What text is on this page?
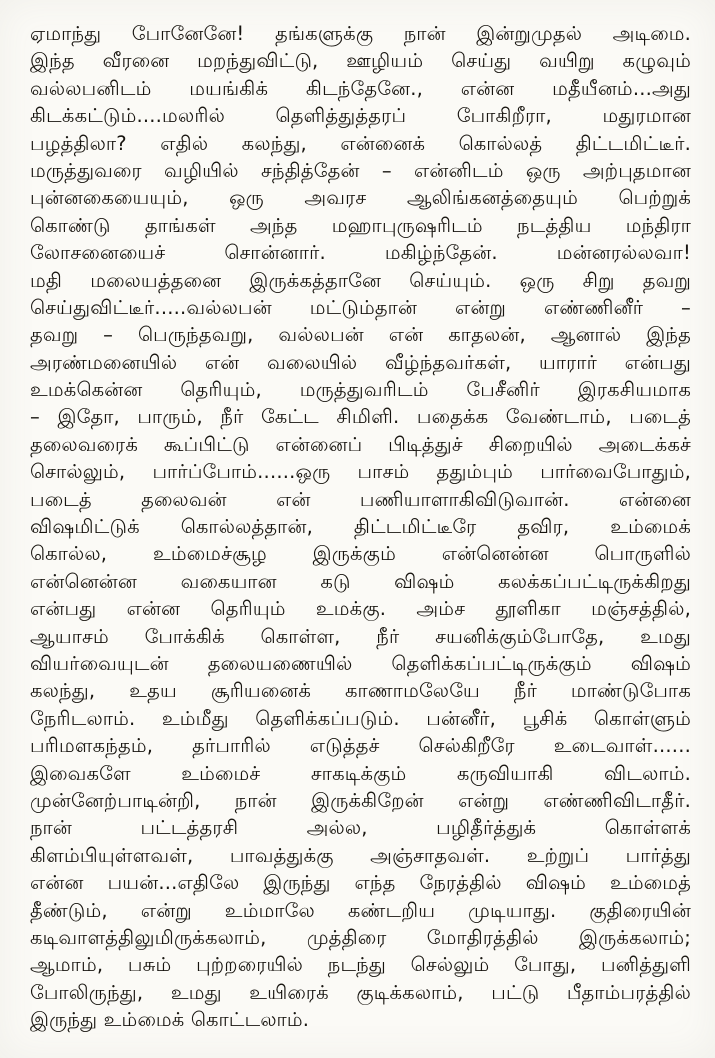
ஏமாந்து போனேனே! தங்களுக்கு நான் இன்றுமுதல் அடிமை.
இந்த வீரனை மறந்துவிட்டு, ஊழியம் செய்து வயிறு கழுவும்
வல்லபனிடம் மயங்கிக் கிடந்தேனே., என்ன மதீயீனம்...அது
கிடக்கட்டும்....மலரில் தெளித்துத்தரப் போகிறீரா, மதுரமான
பழத்திலா? எதில் கலந்து, என்னைக் கொல்லத் திட்டமிட்டீர்.
மருத்துவரை வழியில் சந்தித்தேன் – என்னிடம் ஒரு அற்புதமான
புன்னகையையும், ஒரு அவரச ஆலிங்கனத்தையும் பெற்றுக்
கொண்டு தாங்கள் அந்த மஹாபுருஷரிடம் நடத்திய மந்திரா
லோசனையைச் சொன்னார். மகிழ்ந்தேன். மன்னரல்லவா!
மதி மலையத்தனை இருக்கத்தானே செய்யும். ஒரு சிறு தவறு
செய்துவிட்டீர்.....வல்லபன் மட்டும்தான் என்று எண்ணினீர் –
தவறு – பெருந்தவறு, வல்லபன் என் காதலன், ஆனால் இந்த
அரண்மனையில் என் வலையில் வீழ்ந்தவர்கள், யாரார் என்பது
உமக்கென்ன தெரியும், மருத்துவரிடம் பேசீனிர் இரகசியமாக
– இதோ, பாரும், நீர் கேட்ட சிமிளி. பதைக்க வேண்டாம், படைத்
தலைவரைக் கூப்பிட்டு என்னைப் பிடித்துச் சிறையில் அடைக்கச்
சொல்லும், பார்ப்போம்......ஒரு பாசம் ததும்பும் பார்வைபோதும்,
படைத் தலைவன் என் பணியாளாகிவிடுவான். என்னை
விஷமிட்டுக் கொல்லத்தான், திட்டமிட்டீரே தவிர, உம்மைக்
கொல்ல, உம்மைச்சூழ இருக்கும் என்னென்ன பொருளில்
என்னென்ன வகையான கடு விஷம் கலக்கப்பட்டிருக்கிறது
என்பது என்ன தெரியும் உமக்கு. அம்ச தூளிகா மஞ்சத்தில்,
ஆயாசம் போக்கிக் கொள்ள, நீர் சயனிக்கும்போதே, உமது
வியர்வையுடன் தலையணையில் தெளிக்கப்பட்டிருக்கும் விஷம்
கலந்து, உதய சூரியனைக் காணாமலேயே நீர் மாண்டுபோக
நேரிடலாம். உம்மீது தெளிக்கப்படும். பன்னீர், பூசிக் கொள்ளும்
பரிமளகந்தம், தர்பாரில் எடுத்தச் செல்கிறீரே உடைவாள்......
இவைகளே உம்மைச் சாகடிக்கும் கருவியாகி விடலாம்.
முன்னேற்பாடின்றி, நான் இருக்கிறேன் என்று எண்ணிவிடாதீர்.
நான் பட்டத்தரசி அல்ல, பழிதீர்த்துக் கொள்ளக்
கிளம்பியுள்ளவள், பாவத்துக்கு அஞ்சாதவள். உற்றுப் பார்த்து
என்ன பயன்...எதிலே இருந்து எந்த நேரத்தில் விஷம் உம்மைத்
தீண்டும், என்று உம்மாலே கண்டறிய முடியாது. குதிரையின்
கடிவாளத்திலுமிருக்கலாம், முத்திரை மோதிரத்தில் இருக்கலாம்;
ஆமாம், பசும் புற்றரையில் நடந்து செல்லும் போது, பனித்துளி
போலிருந்து, உமது உயிரைக் குடிக்கலாம், பட்டு பீதாம்பரத்தில்
இருந்து உம்மைக் கொட்டலாம்.
